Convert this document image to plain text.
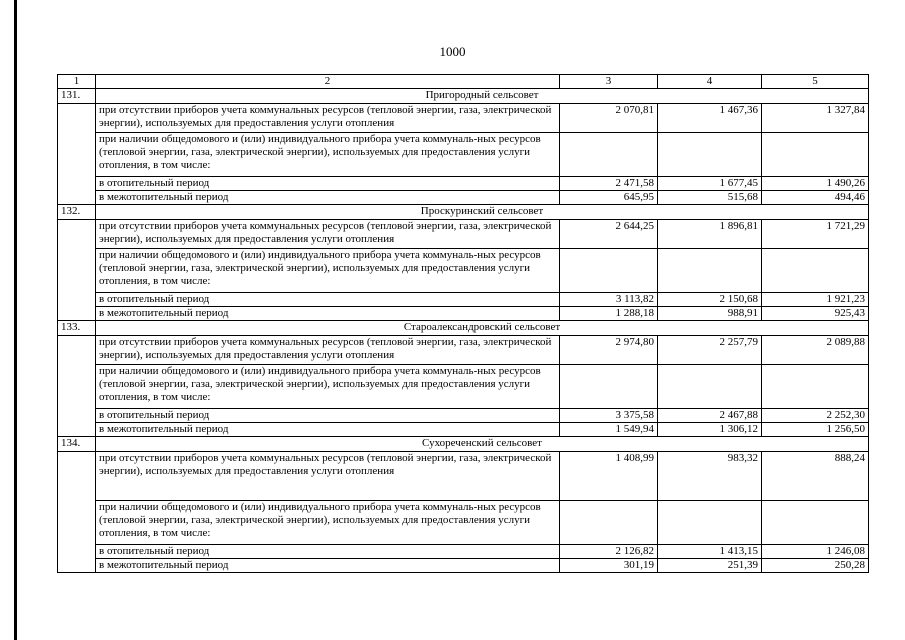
1000
1	2	3	4	5
131.	Пригородный сельсовет			
	при отсутствии приборов учета коммунальных ресурсов (тепловой энергии, газа, электрической энергии), используемых для предоставления услуги отопления	2 070,81	1 467,36	1 327,84
	при наличии общедомового и (или) индивидуального прибора учета коммуналь-ных ресурсов (тепловой энергии, газа, электрической энергии), используемых для предоставления услуги отопления, в том числе:			
	в отопительный период	2 471,58	1 677,45	1 490,26
	в межотопительный период	645,95	515,68	494,46
132.	Проскуринский сельсовет			
	при отсутствии приборов учета коммунальных ресурсов (тепловой энергии, газа, электрической энергии), используемых для предоставления услуги отопления	2 644,25	1 896,81	1 721,29
	при наличии общедомового и (или) индивидуального прибора учета коммуналь-ных ресурсов (тепловой энергии, газа, электрической энергии), используемых для предоставления услуги отопления, в том числе:			
	в отопительный период	3 113,82	2 150,68	1 921,23
	в межотопительный период	1 288,18	988,91	925,43
133.	Староалександровский сельсовет			
	при отсутствии приборов учета коммунальных ресурсов (тепловой энергии, газа, электрической энергии), используемых для предоставления услуги отопления	2 974,80	2 257,79	2 089,88
	при наличии общедомового и (или) индивидуального прибора учета коммуналь-ных ресурсов (тепловой энергии, газа, электрической энергии), используемых для предоставления услуги отопления, в том числе:			
	в отопительный период	3 375,58	2 467,88	2 252,30
	в межотопительный период	1 549,94	1 306,12	1 256,50
134.	Сухореченский сельсовет			
	при отсутствии приборов учета коммунальных ресурсов (тепловой энергии, газа, электрической энергии), используемых для предоставления услуги отопления	1 408,99	983,32	888,24
	при наличии общедомового и (или) индивидуального прибора учета коммуналь-ных ресурсов (тепловой энергии, газа, электрической энергии), используемых для предоставления услуги отопления, в том числе:			
	в отопительный период	2 126,82	1 413,15	1 246,08
	в межотопительный период	301,19	251,39	250,28
